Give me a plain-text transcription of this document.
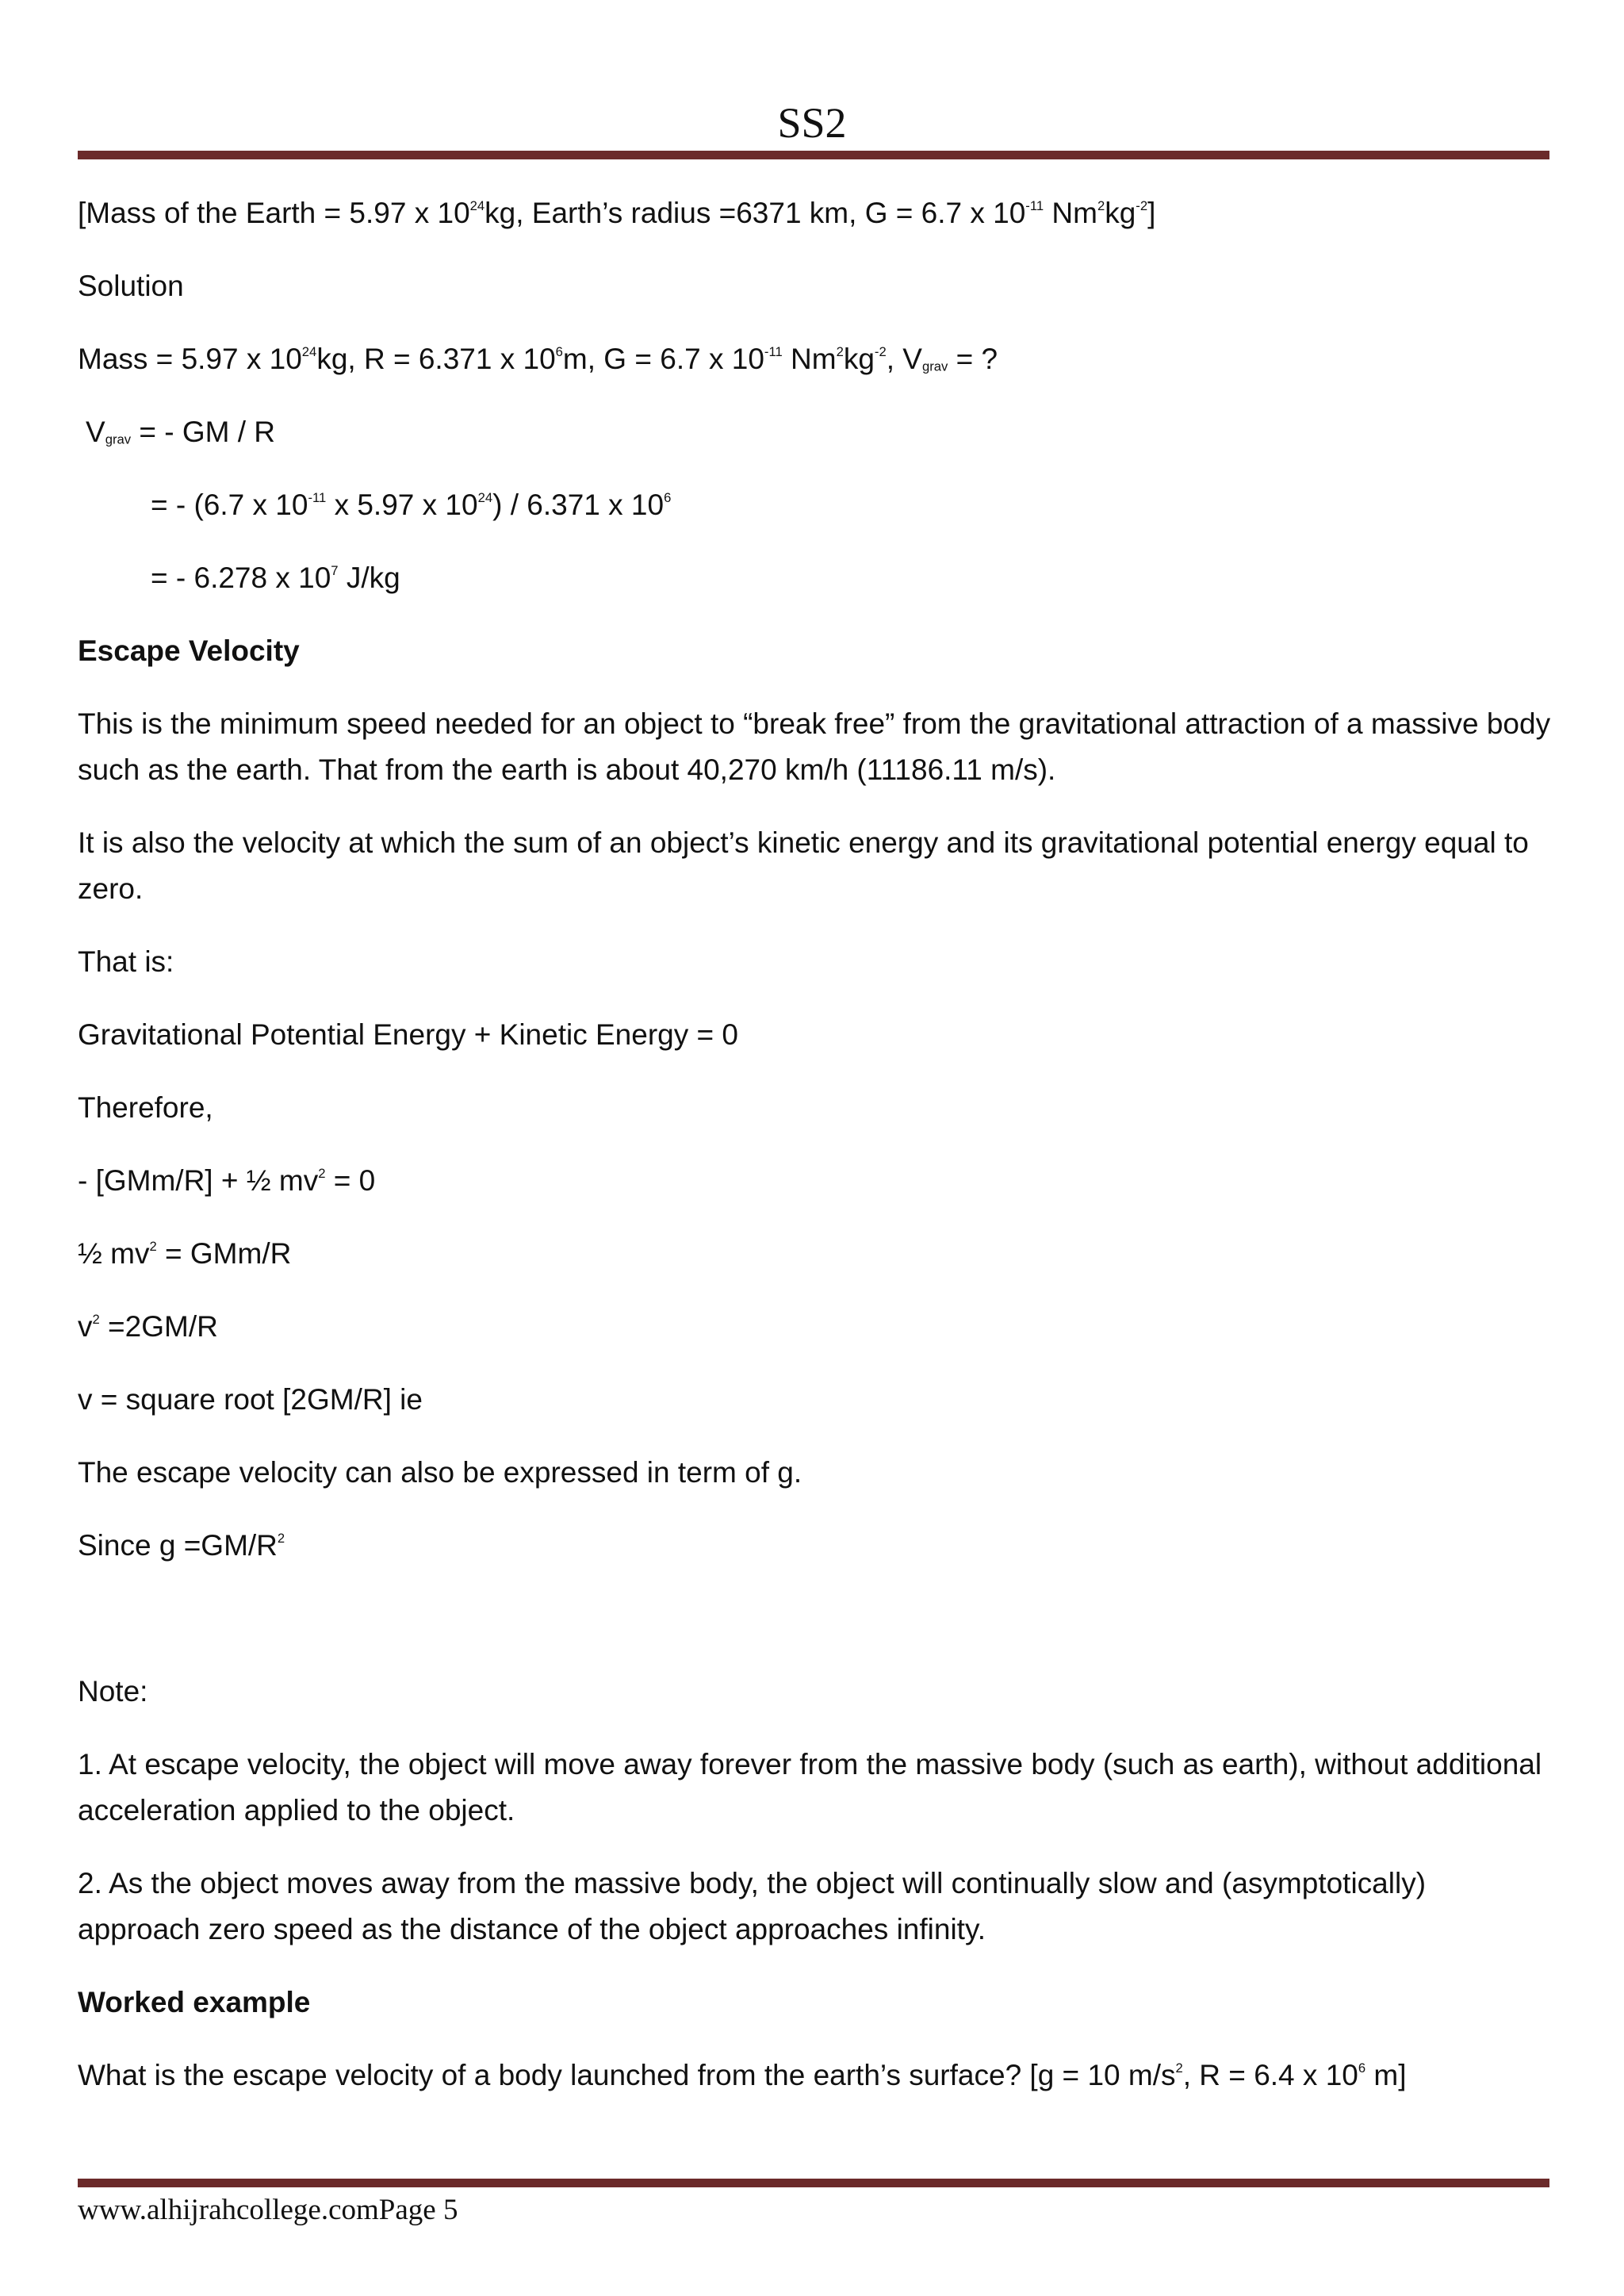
SS2

[Mass of the Earth = 5.97 x $10^{24}kg$, Earth’s radius =6371 km, G = 6.7 x $10^{-11}$ $Nm^2kg^{-2}$]

Solution

Mass = 5.97 x $10^{24}kg$, R = 6.371 x $10^6m$, G = 6.7 x $10^{-11}$ $Nm^2kg^{-2}$, $V_{grav}$ = ?

$V_{grav}$ = - GM / R

= - (6.7 x $10^{-11}$ x 5.97 x $10^{24}) / 6.371$ x $10^6$

= - 6.278 x $10^7$ J/kg

Escape Velocity

This is the minimum speed needed for an object to “break free” from the gravitational attraction of a massive body such as the earth. That from the earth is about 40,270 km/h (11186.11 m/s).

It is also the velocity at which the sum of an object’s kinetic energy and its gravitational potential energy equal to zero.

That is:

Gravitational Potential Energy + Kinetic Energy = 0

Therefore,

- [GMm/R] + ½ $mv^2 = 0$

½ $mv^2 = GMm/R$

$v^2 =2GM/R$

v = square root [2GM/R] ie

The escape velocity can also be expressed in term of g.

Since $g =GM/R^2$

Note:

1. At escape velocity, the object will move away forever from the massive body (such as earth), without additional acceleration applied to the object.

2. As the object moves away from the massive body, the object will continually slow and (asymptotically) approach zero speed as the distance of the object approaches infinity.

Worked example

What is the escape velocity of a body launched from the earth’s surface? [g = 10 $m/s^2$, R = 6.4 x $10^6$ m]

www.alhijrahcollege.comPage 5
